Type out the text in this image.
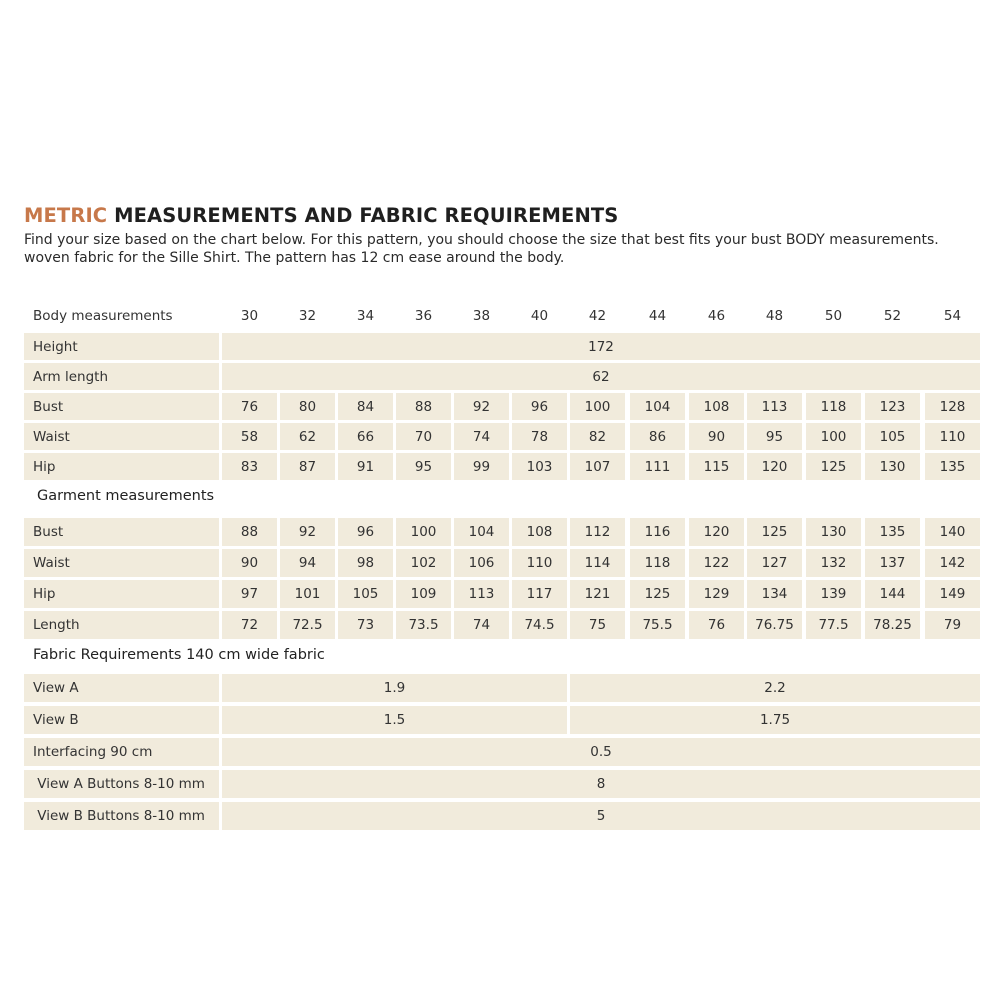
METRIC MEASUREMENTS AND FABRIC REQUIREMENTS

Find your size based on the chart below. For this pattern, you should choose the size that best fits your bust BODY measurements.

woven fabric for the Sille Shirt. The pattern has 12 cm ease around the body.

Body measurements	30	32	34	36	38	40	42	44	46	48	50	52	54
Height	172
Arm length	62
Bust	76	80	84	88	92	96	100	104	108	113	118	123	128
Waist	58	62	66	70	74	78	82	86	90	95	100	105	110
Hip	83	87	91	95	99	103	107	111	115	120	125	130	135
Garment measurements
Bust	88	92	96	100	104	108	112	116	120	125	130	135	140
Waist	90	94	98	102	106	110	114	118	122	127	132	137	142
Hip	97	101	105	109	113	117	121	125	129	134	139	144	149
Length	72	72.5	73	73.5	74	74.5	75	75.5	76	76.75	77.5	78.25	79
Fabric Requirements 140 cm wide fabric
View A	1.9	2.2
View B	1.5	1.75
Interfacing 90 cm	0.5
View A Buttons 8-10 mm	8
View B Buttons 8-10 mm	5
